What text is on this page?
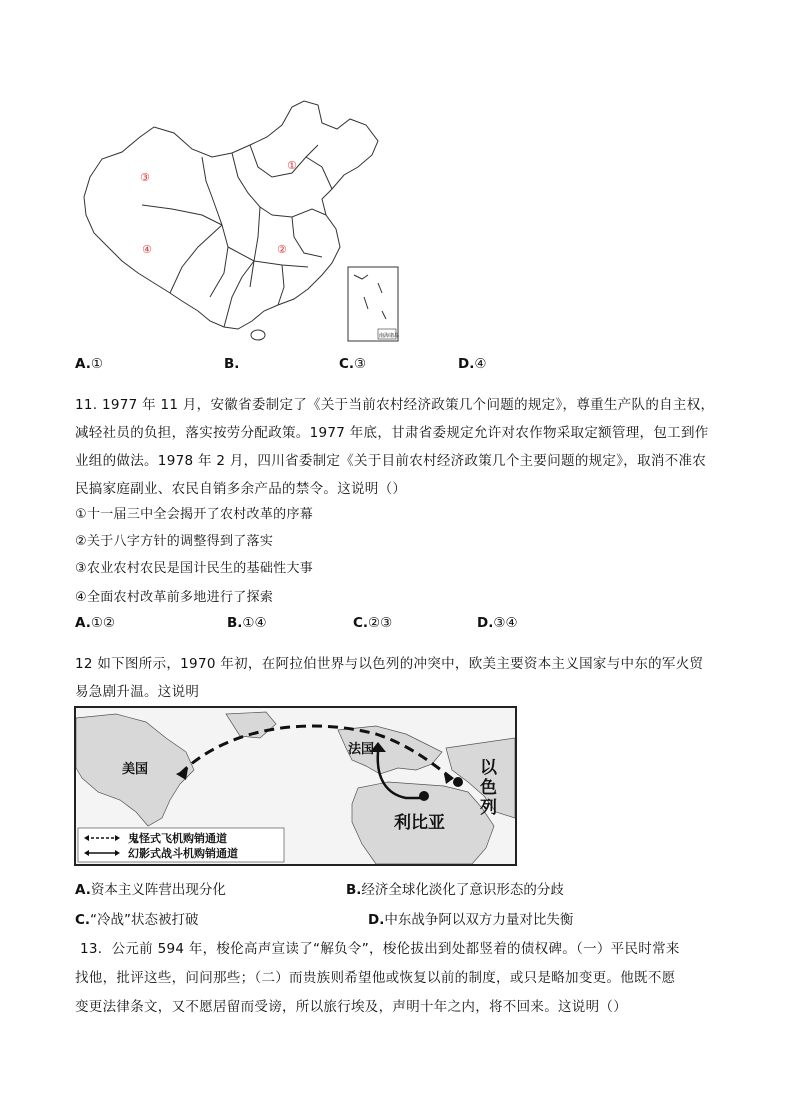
①
③
④	②
南海诸岛
A.①	B.	C.③	D.④
11. 1977 年 11 月，安徽省委制定了《关于当前农村经济政策几个问题的规定》，尊重生产队的自主权，
减轻社员的负担，落实按劳分配政策。1977 年底，甘肃省委规定允许对农作物采取定额管理，包工到作
业组的做法。1978 年 2 月，四川省委制定《关于目前农村经济政策几个主要问题的规定》，取消不准农
民搞家庭副业、农民自销多余产品的禁令。这说明（）
①十一届三中全会揭开了农村改革的序幕
②关于八字方针的调整得到了落实
③农业农村农民是国计民生的基础性大事
④全面农村改革前多地进行了探索
A.①②	B.①④	C.②③	D.③④
12 如下图所示，1970 年初，在阿拉伯世界与以色列的冲突中，欧美主要资本主义国家与中东的军火贸
易急剧升温。这说明
美国
法国
以
色
列
利比亚
鬼怪式飞机购销通道
幻影式战斗机购销通道
A.资本主义阵营出现分化	B.经济全球化淡化了意识形态的分歧
C.“冷战”状态被打破	D.中东战争阿以双方力量对比失衡
13．公元前 594 年，梭伦高声宣读了“解负令”，梭伦拔出到处都竖着的债权碑。（一）平民时常来
找他，批评这些，问问那些；（二）而贵族则希望他或恢复以前的制度，或只是略加变更。他既不愿
变更法律条文，又不愿居留而受谤，所以旅行埃及，声明十年之内，将不回来。这说明（）
